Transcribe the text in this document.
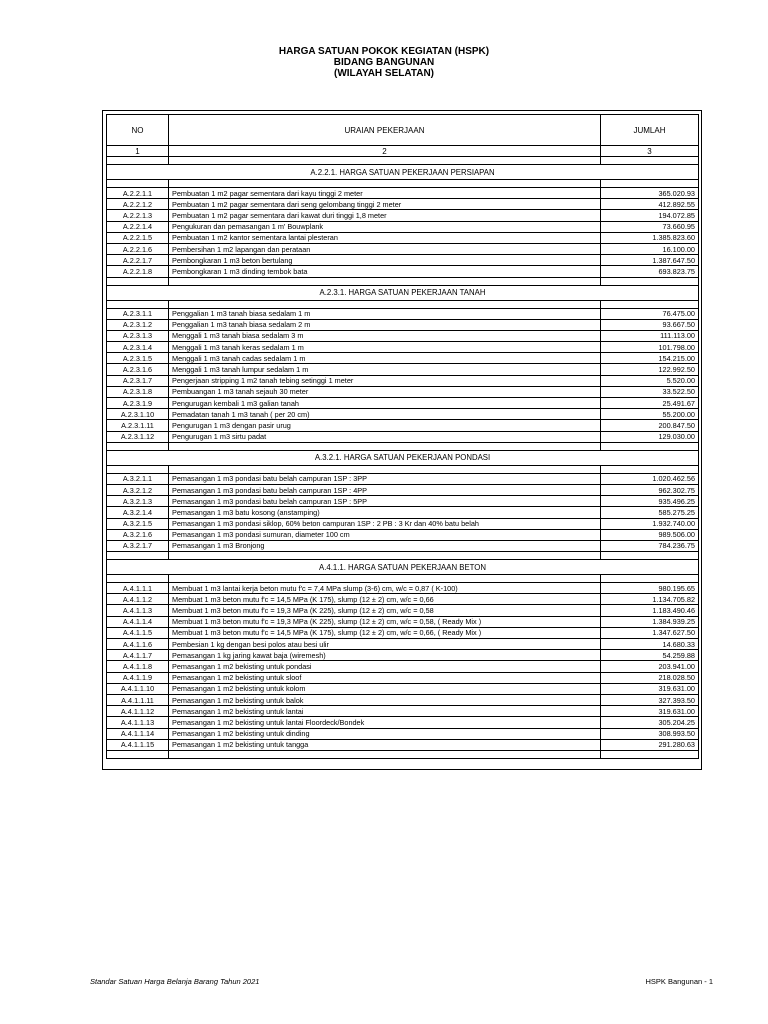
HARGA SATUAN POKOK KEGIATAN (HSPK)
BIDANG BANGUNAN
(WILAYAH SELATAN)
NO	URAIAN PEKERJAAN	JUMLAH
1	2	3

A.2.2.1. HARGA SATUAN PEKERJAAN PERSIAPAN		

A.2.2.1.1	Pembuatan 1 m2 pagar sementara dari kayu tinggi 2 meter	365.020.93
A.2.2.1.2	Pembuatan 1 m2 pagar sementara dari seng gelombang tinggi 2 meter	412.892.55
A.2.2.1.3	Pembuatan 1 m2 pagar sementara dari kawat duri tinggi 1,8 meter	194.072.85
A.2.2.1.4	Pengukuran dan pemasangan 1 m' Bouwplank	73.660.95
A.2.2.1.5	Pembuatan 1 m2 kantor sementara lantai plesteran	1.385.823.60
A.2.2.1.6	Pembersihan 1 m2 lapangan dan perataan	16.100.00
A.2.2.1.7	Pembongkaran 1 m3 beton bertulang	1.387.647.50
A.2.2.1.8	Pembongkaran 1 m3 dinding tembok bata	693.823.75

A.2.3.1. HARGA SATUAN PEKERJAAN TANAH		

A.2.3.1.1	Penggalian 1 m3 tanah biasa sedalam 1 m	76.475.00
A.2.3.1.2	Penggalian 1 m3 tanah biasa sedalam 2 m	93.667.50
A.2.3.1.3	Menggali 1 m3 tanah biasa sedalam 3 m	111.113.00
A.2.3.1.4	Menggali 1 m3 tanah keras sedalam 1 m	101.798.00
A.2.3.1.5	Menggali 1 m3 tanah cadas sedalam 1 m	154.215.00
A.2.3.1.6	Menggali 1 m3 tanah lumpur sedalam 1 m	122.992.50
A.2.3.1.7	Pengerjaan stripping 1 m2 tanah tebing setinggi 1 meter	5.520.00
A.2.3.1.8	Pembuangan 1 m3 tanah sejauh 30 meter	33.522.50
A.2.3.1.9	Pengurugan kembali 1 m3 galian tanah	25.491.67
A.2.3.1.10	Pemadatan tanah 1 m3 tanah ( per 20 cm)	55.200.00
A.2.3.1.11	Pengurugan 1 m3 dengan pasir urug	200.847.50
A.2.3.1.12	Pengurugan 1 m3 sirtu padat	129.030.00

A.3.2.1. HARGA SATUAN PEKERJAAN PONDASI		

A.3.2.1.1	Pemasangan 1 m3 pondasi batu belah campuran 1SP : 3PP	1.020.462.56
A.3.2.1.2	Pemasangan 1 m3 pondasi batu belah campuran 1SP : 4PP	962.302.75
A.3.2.1.3	Pemasangan 1 m3 pondasi batu belah campuran 1SP : 5PP	935.496.25
A.3.2.1.4	Pemasangan 1 m3 batu kosong (anstamping)	585.275.25
A.3.2.1.5	Pemasangan 1 m3 pondasi siklop, 60% beton campuran 1SP : 2 PB : 3 Kr dan 40% batu belah	1.932.740.00
A.3.2.1.6	Pemasangan 1 m3 pondasi sumuran, diameter 100 cm	989.506.00
A.3.2.1.7	Pemasangan 1 m3 Bronjong	784.236.75

A.4.1.1. HARGA SATUAN PEKERJAAN BETON		

A.4.1.1.1	Membuat 1 m3 lantai kerja beton mutu f'c = 7,4 MPa slump (3-6) cm, w/c = 0,87 ( K-100)	980.195.65
A.4.1.1.2	Membuat 1 m3 beton mutu f'c = 14,5 MPa (K 175), slump (12 ± 2) cm, w/c = 0,66	1.134.705.82
A.4.1.1.3	Membuat 1 m3 beton mutu f'c = 19,3 MPa (K 225), slump (12 ± 2) cm, w/c = 0,58	1.183.490.46
A.4.1.1.4	Membuat 1 m3 beton mutu f'c = 19,3 MPa (K 225), slump (12 ± 2) cm, w/c = 0,58, ( Ready Mix )	1.384.939.25
A.4.1.1.5	Membuat 1 m3 beton mutu f'c = 14,5 MPa (K 175), slump (12 ± 2) cm, w/c = 0,66, ( Ready Mix )	1.347.627.50
A.4.1.1.6	Pembesian 1 kg dengan besi polos atau besi ulir	14.680.33
A.4.1.1.7	Pemasangan 1 kg jaring kawat baja (wiremesh)	54.259.88
A.4.1.1.8	Pemasangan 1 m2 bekisting untuk pondasi	203.941.00
A.4.1.1.9	Pemasangan 1 m2 bekisting untuk sloof	218.028.50
A.4.1.1.10	Pemasangan 1 m2 bekisting untuk kolom	319.631.00
A.4.1.1.11	Pemasangan 1 m2 bekisting untuk balok	327.393.50
A.4.1.1.12	Pemasangan 1 m2 bekisting untuk lantai	319.631.00
A.4.1.1.13	Pemasangan 1 m2 bekisting untuk lantai Floordeck/Bondek	305.204.25
A.4.1.1.14	Pemasangan 1 m2 bekisting untuk dinding	308.993.50
A.4.1.1.15	Pemasangan 1 m2 bekisting untuk tangga	291.280.63

Standar Satuan Harga Belanja Barang Tahun 2021	HSPK Bangunan - 1
